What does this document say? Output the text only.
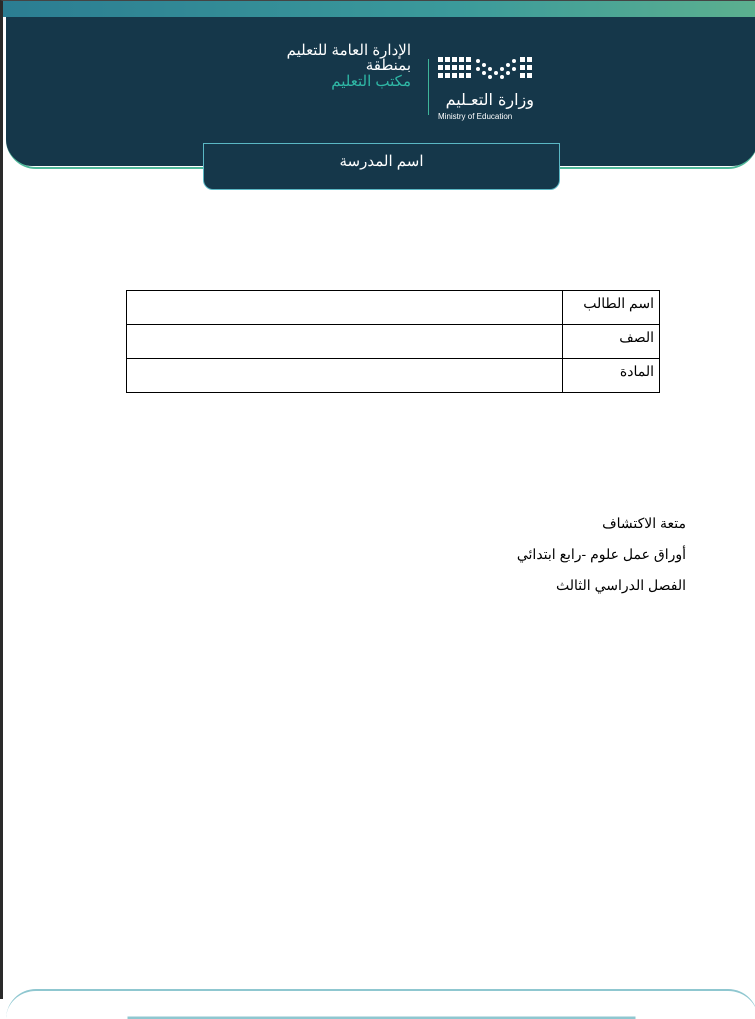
وزارة التعـليم
Ministry of Education
الإدارة العامة للتعليم
بمنطقة
مكتب التعليم
اسم المدرسة
اسم الطالب	
الصف	
المادة	
متعة الاكتشاف
أوراق عمل علوم -رابع ابتدائي
الفصل الدراسي الثالث
